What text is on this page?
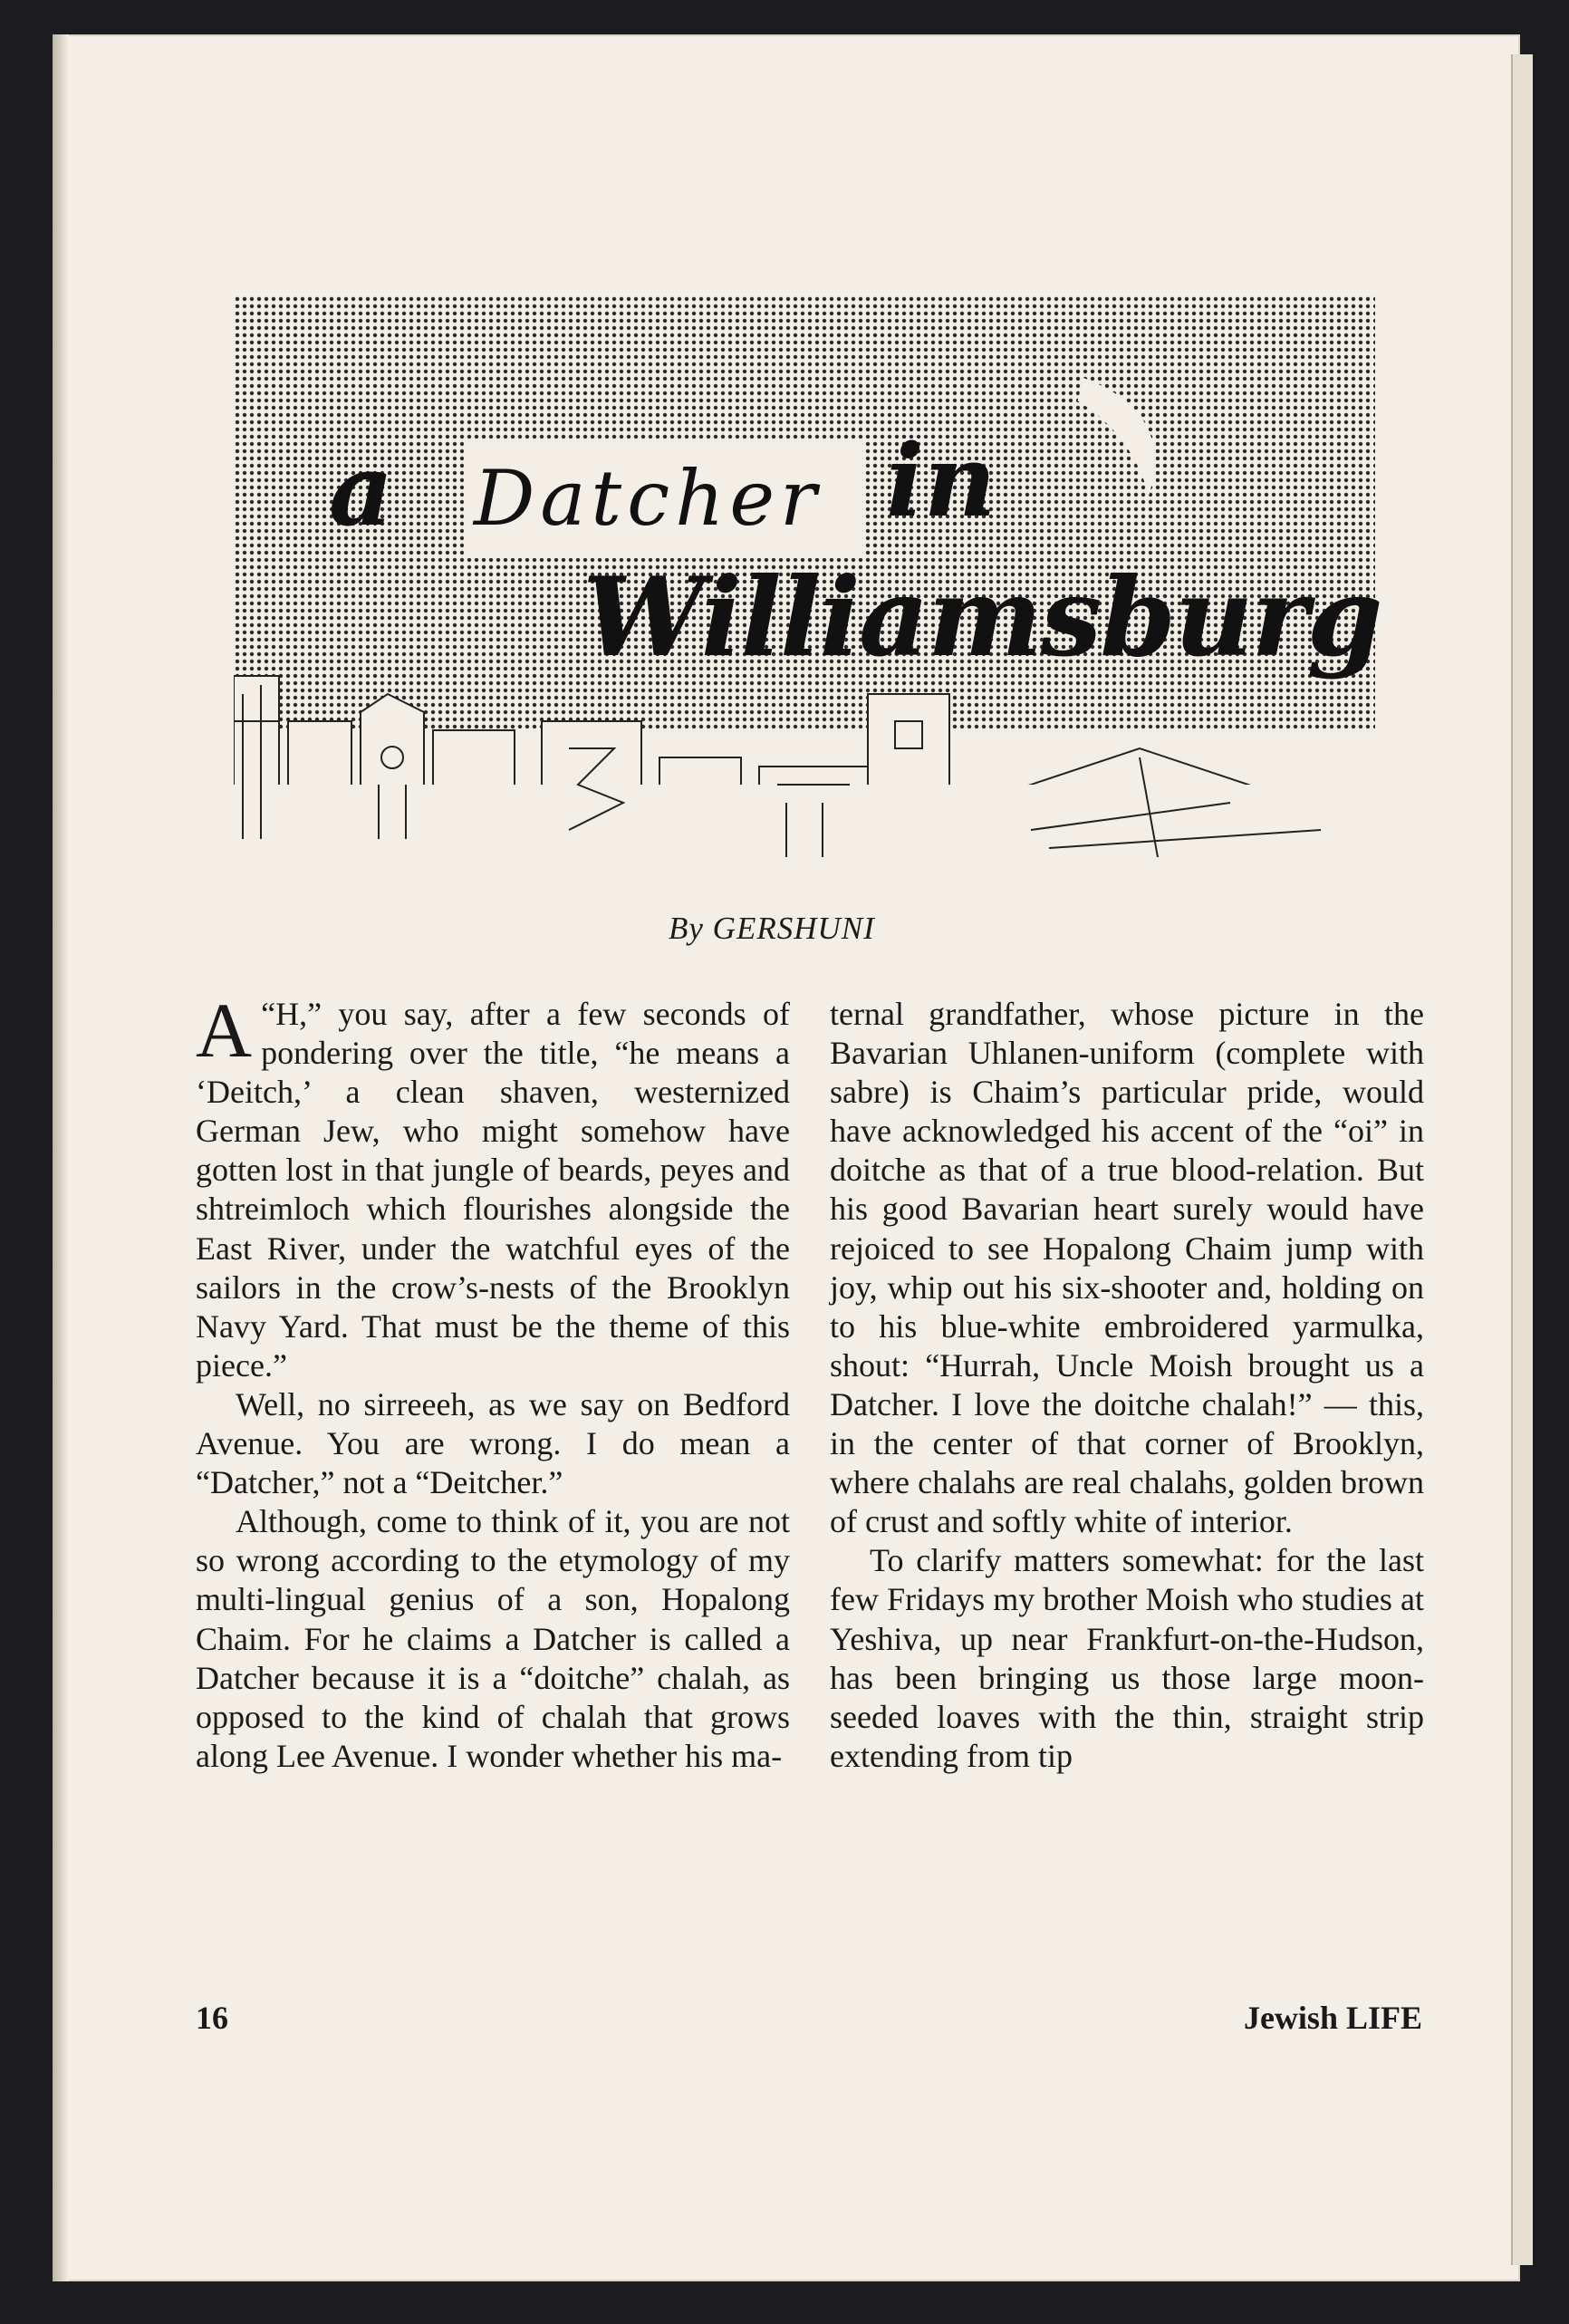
a Datcher in
Williamsburg
By GERSHUNI

“
A H,” you say, after a few seconds of pondering over the title, “he means a ‘Deitch,’ a clean shaven, westernized German Jew, who might somehow have gotten lost in that jungle of beards, peyes and shtreimloch which flourishes alongside the East River, under the watchful eyes of the sailors in the crow’s-nests of the Brooklyn Navy Yard. That must be the theme of this piece.”

Well, no sirreeeh, as we say on Bedford Avenue. You are wrong. I do mean a “Datcher,” not a “Deitcher.”

Although, come to think of it, you are not so wrong according to the etymology of my multi-lingual genius of a son, Hopalong Chaim. For he claims a Datcher is called a Datcher because it is a “doitche” chalah, as opposed to the kind of chalah that grows along Lee Avenue. I wonder whether his ma-

ternal grandfather, whose picture in the Bavarian Uhlanen-uniform (complete with sabre) is Chaim’s particular pride, would have acknowledged his accent of the “oi” in doitche as that of a true blood-relation. But his good Bavarian heart surely would have rejoiced to see Hopalong Chaim jump with joy, whip out his six-shooter and, holding on to his blue-white embroidered yarmulka, shout: “Hurrah, Uncle Moish brought us a Datcher. I love the doitche chalah!” — this, in the center of that corner of Brooklyn, where chalahs are real chalahs, golden brown of crust and softly white of interior.

To clarify matters somewhat: for the last few Fridays my brother Moish who studies at Yeshiva, up near Frankfurt-on-the-Hudson, has been bringing us those large moon-seeded loaves with the thin, straight strip extending from tip

16	Jewish LIFE
